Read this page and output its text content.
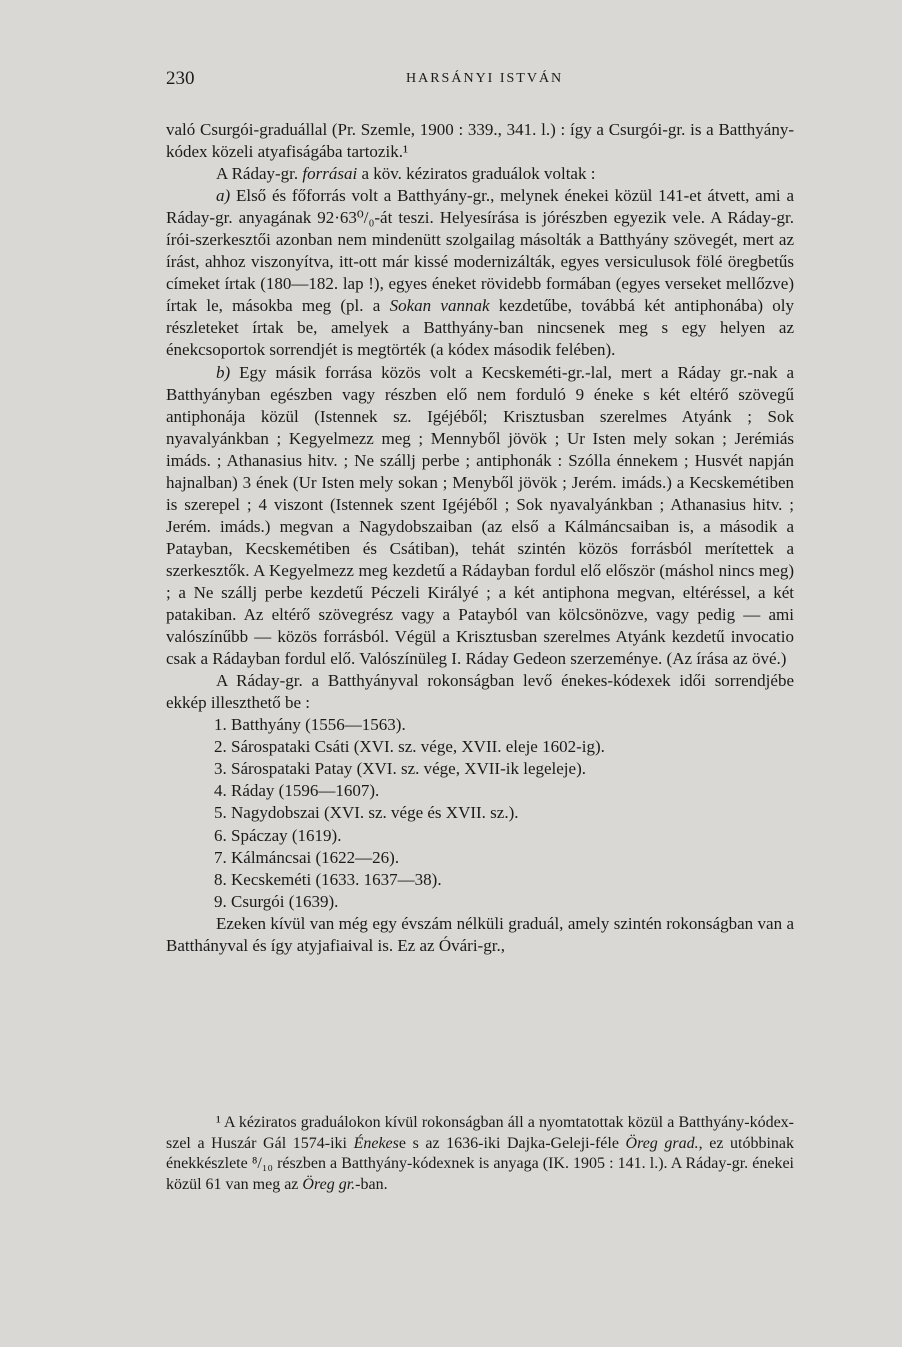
230	HARSÁNYI ISTVÁN

való Csurgói-graduállal (Pr. Szemle, 1900 : 339., 341. l.) : így a Csurgói-gr. is a Batthyány-kódex közeli atyafiságába tartozik.¹

A Ráday-gr. forrásai a köv. kéziratos graduálok voltak :

a) Első és főforrás volt a Batthyány-gr., melynek énekei közül 141-et átvett, ami a Ráday-gr. anyagának 92·63⁰/₀-át teszi. Helyesírása is jórészben egyezik vele. A Ráday-gr. írói-szerkesztői azonban nem mindenütt szolgailag másolták a Batthyány szövegét, mert az írást, ahhoz viszonyítva, itt-ott már kissé modernizálták, egyes versiculusok fölé öregbetűs címeket írtak (180—182. lap !), egyes éneket rövidebb formában (egyes verseket mellőzve) írtak le, másokba meg (pl. a Sokan vannak kezdetűbe, továbbá két antiphonába) oly részleteket írtak be, amelyek a Batthyány-ban nincsenek meg s egy helyen az énekcsoportok sorrendjét is megtörték (a kódex második felében).

b) Egy másik forrása közös volt a Kecskeméti-gr.-lal, mert a Ráday gr.-nak a Batthyányban egészben vagy részben elő nem forduló 9 éneke s két eltérő szövegű antiphonája közül (Istennek sz. Igéjéből; Krisztusban szerelmes Atyánk ; Sok nyavalyánkban ; Kegyelmezz meg ; Mennyből jövök ; Ur Isten mely sokan ; Jerémiás imáds. ; Athanasius hitv. ; Ne szállj perbe ; antiphonák : Szólla énnekem ; Husvét napján hajnalban) 3 ének (Ur Isten mely sokan ; Menyből jövök ; Jerém. imáds.) a Kecskemétiben is szerepel ; 4 viszont (Istennek szent Igéjéből ; Sok nyavalyánkban ; Athanasius hitv. ; Jerém. imáds.) megvan a Nagydobszaiban (az első a Kálmáncsaiban is, a második a Patayban, Kecskemétiben és Csátiban), tehát szintén közös forrásból merítettek a szerkesztők. A Kegyelmezz meg kezdetű a Rádayban fordul elő először (máshol nincs meg) ; a Ne szállj perbe kezdetű Péczeli Királyé ; a két antiphona megvan, eltéréssel, a két patakiban. Az eltérő szövegrész vagy a Patayból van kölcsönözve, vagy pedig — ami valószínűbb — közös forrásból. Végül a Krisztusban szerelmes Atyánk kezdetű invocatio csak a Rádayban fordul elő. Valószínüleg I. Ráday Gedeon szerzeménye. (Az írása az övé.)

A Ráday-gr. a Batthyányval rokonságban levő énekes-kódexek idői sorrendjébe ekkép illeszthető be :

1. Batthyány (1556—1563).
2. Sárospataki Csáti (XVI. sz. vége, XVII. eleje 1602-ig).
3. Sárospataki Patay (XVI. sz. vége, XVII-ik legeleje).
4. Ráday (1596—1607).
5. Nagydobszai (XVI. sz. vége és XVII. sz.).
6. Spáczay (1619).
7. Kálmáncsai (1622—26).
8. Kecskeméti (1633. 1637—38).
9. Csurgói (1639).

Ezeken kívül van még egy évszám nélküli graduál, amely szintén rokonságban van a Batthányval és így atyjafiaival is. Ez az Óvári-gr.,

¹ A kéziratos graduálokon kívül rokonságban áll a nyomtatottak közül a Batthyány-kódex-szel a Huszár Gál 1574-iki Énekese s az 1636-iki Dajka-Geleji-féle Öreg grad., ez utóbbinak énekkészlete ⁸/₁₀ részben a Batthyány-kódexnek is anyaga (IK. 1905 : 141. l.). A Ráday-gr. énekei közül 61 van meg az Öreg gr.-ban.
